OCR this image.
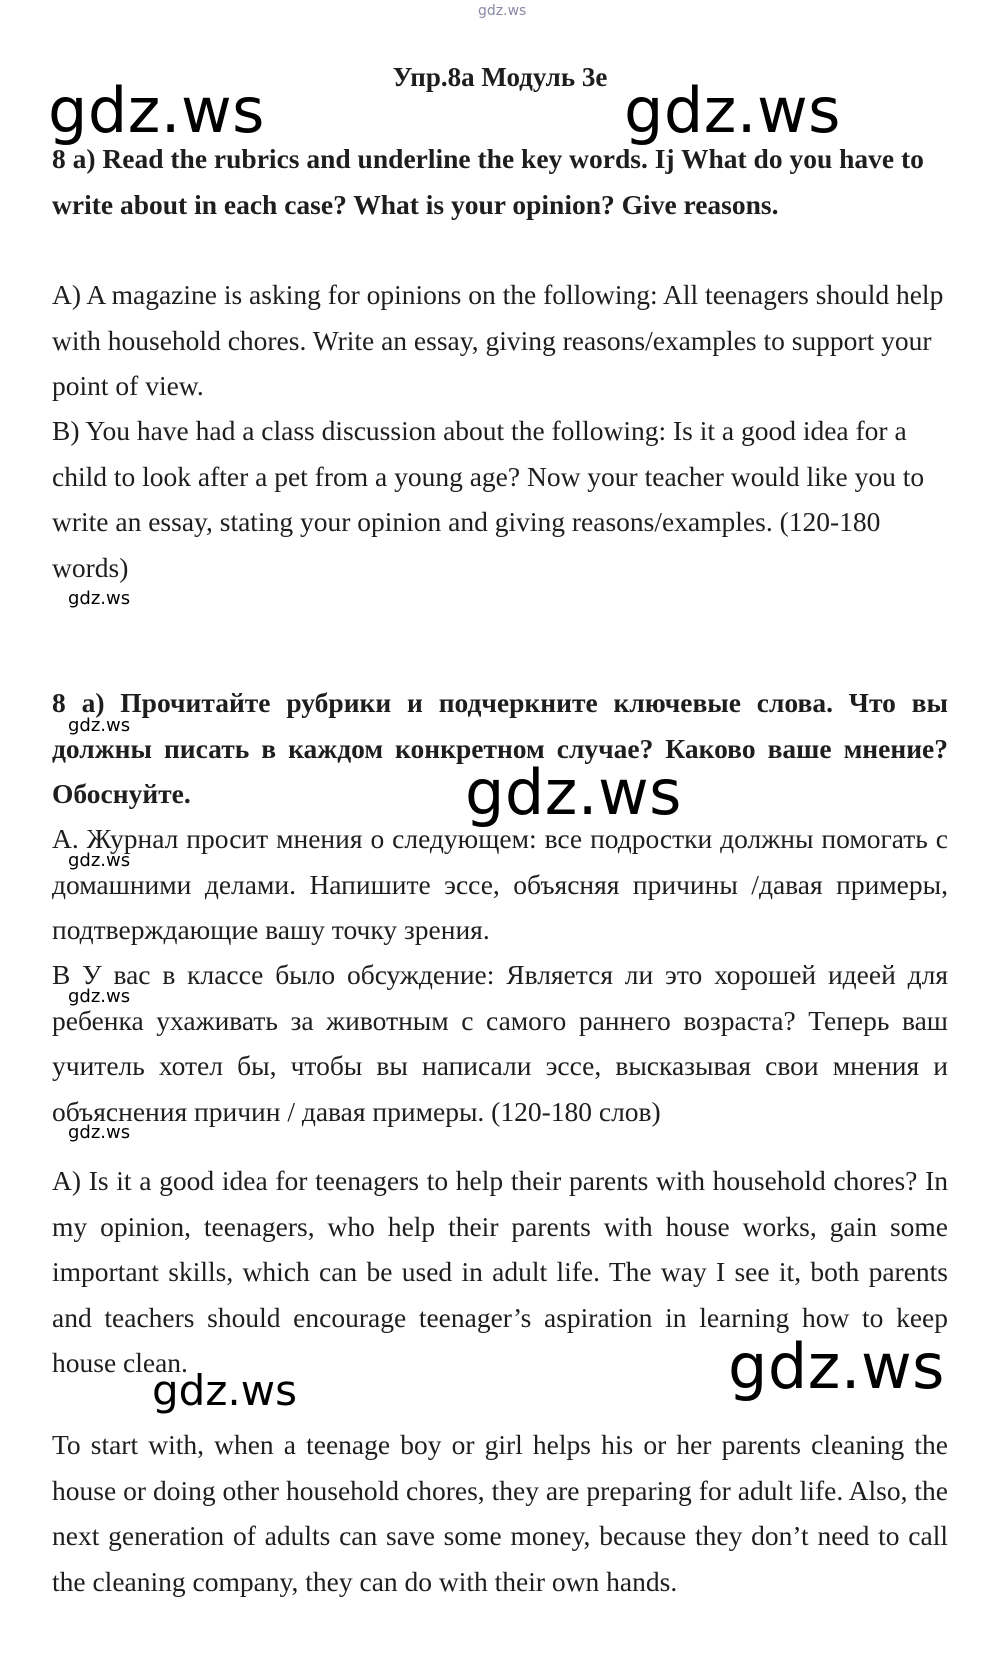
gdz.ws
Упр.8а Модуль 3е
gdz.ws	gdz.ws

8 a) Read the rubrics and underline the key words. Ij What do you have to write about in each case? What is your opinion? Give reasons.

A) A magazine is asking for opinions on the following: All teenagers should help with household chores. Write an essay, giving reasons/examples to support your point of view.

B) You have had a class discussion about the following: Is it a good idea for a child to look after a pet from a young age? Now your teacher would like you to write an essay, stating your opinion and giving reasons/examples. (120-180 words)

gdz.ws

8 а) Прочитайте рубрики и подчеркните ключевые слова. Что вы должны писать в каждом конкретном случае? Каково ваше мнение? Обоснуйте.

gdz.ws
gdz.ws

А. Журнал просит мнения о следующем: все подростки должны помогать с домашними делами. Напишите эссе, объясняя причины /давая примеры, подтверждающие вашу точку зрения.

gdz.ws

В У вас в классе было обсуждение: Является ли это хорошей идеей для ребенка ухаживать за животным с самого раннего возраста? Теперь ваш учитель хотел бы, чтобы вы написали эссе, высказывая свои мнения и объяснения причин / давая примеры. (120-180 слов)

gdz.ws
gdz.ws

A) Is it a good idea for teenagers to help their parents with household chores? In my opinion, teenagers, who help their parents with house works, gain some important skills, which can be used in adult life. The way I see it, both parents and teachers should encourage teenager’s aspiration in learning how to keep house clean.	gdz.ws
gdz.ws

To start with, when a teenage boy or girl helps his or her parents cleaning the house or doing other household chores, they are preparing for adult life. Also, the next generation of adults can save some money, because they don’t need to call the cleaning company, they can do with their own hands.
